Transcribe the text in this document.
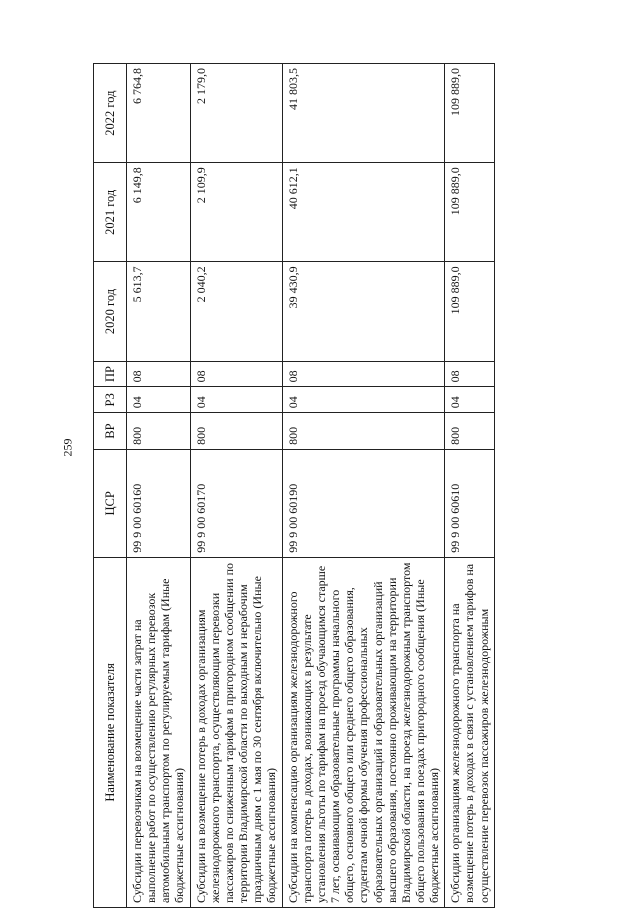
259
Наименование показателя	ЦСР	ВР	РЗ	ПР	2020 год	2021 год	2022 год
Субсидии перевозчикам на возмещение части затрат на выполнение работ по осуществлению регулярных перевозок автомобильным транспортом по регулируемым тарифам (Иные бюджетные ассигнования)	99 9 00 60160	800	04	08	5 613,7	6 149,8	6 764,8
Субсидии на возмещение потерь в доходах организациям железнодорожного транспорта, осуществляющим перевозки пассажиров по сниженным тарифам в пригородном сообщении по территории Владимирской области по выходным и нерабочим праздничным дням с 1 мая по 30 сентября включительно (Иные бюджетные ассигнования)	99 9 00 60170	800	04	08	2 040,2	2 109,9	2 179,0
Субсидии на компенсацию организациям железнодорожного транспорта потерь в доходах, возникающих в результате установления льготы по тарифам на проезд обучающимся старше 7 лет, осваивающим образовательные программы начального общего, основного общего или среднего общего образования, студентам очной формы обучения профессиональных образовательных организаций и образовательных организаций высшего образования, постоянно проживающим на территории Владимирской области, на проезд железнодорожным транспортом общего пользования в поездах пригородного сообщения (Иные бюджетные ассигнования)	99 9 00 60190	800	04	08	39 430,9	40 612,1	41 803,5
Субсидии организациям железнодорожного транспорта на возмещение потерь в доходах в связи с установлением тарифов на осуществление перевозок пассажиров железнодорожным	99 9 00 60610	800	04	08	109 889,0	109 889,0	109 889,0
